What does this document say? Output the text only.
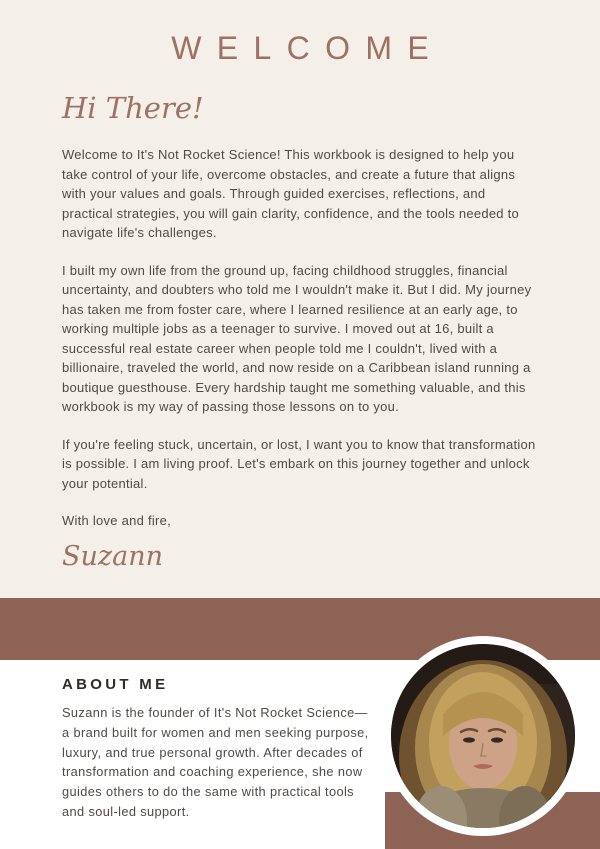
WELCOME
Hi There!

Welcome to It's Not Rocket Science! This workbook is designed to help you take control of your life, overcome obstacles, and create a future that aligns with your values and goals. Through guided exercises, reflections, and practical strategies, you will gain clarity, confidence, and the tools needed to navigate life's challenges.

I built my own life from the ground up, facing childhood struggles, financial uncertainty, and doubters who told me I wouldn't make it. But I did. My journey has taken me from foster care, where I learned resilience at an early age, to working multiple jobs as a teenager to survive. I moved out at 16, built a successful real estate career when people told me I couldn't, lived with a billionaire, traveled the world, and now reside on a Caribbean island running a boutique guesthouse. Every hardship taught me something valuable, and this workbook is my way of passing those lessons on to you.

If you're feeling stuck, uncertain, or lost, I want you to know that transformation is possible. I am living proof. Let's embark on this journey together and unlock your potential.

With love and fire,

Suzann
ABOUT ME

Suzann is the founder of It's Not Rocket Science—a brand built for women and men seeking purpose, luxury, and true personal growth. After decades of transformation and coaching experience, she now guides others to do the same with practical tools and soul-led support.
